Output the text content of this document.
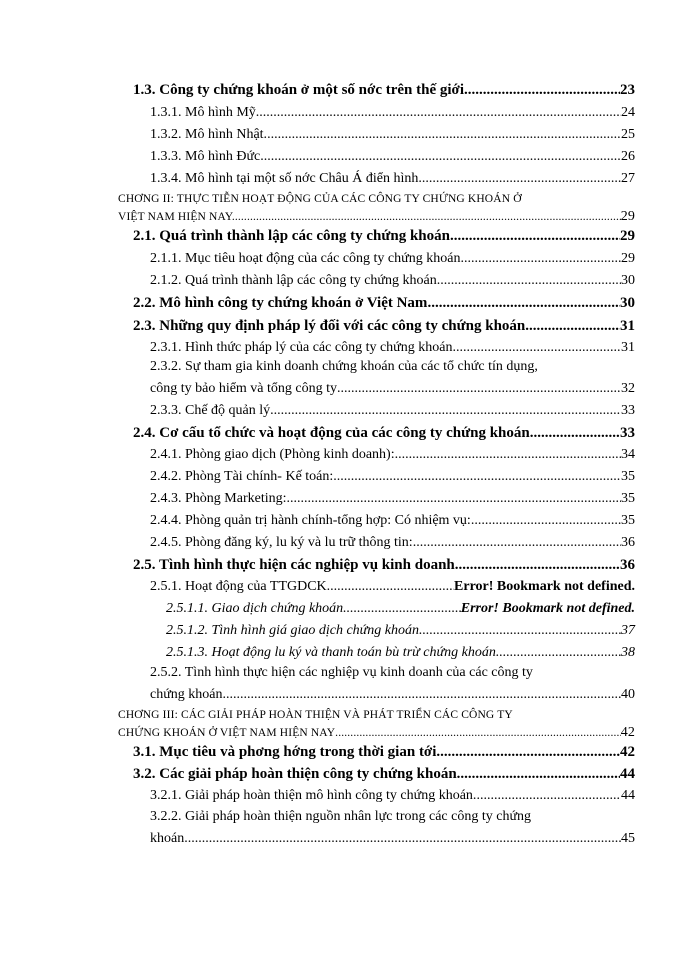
1.3. Công ty chứng khoán ở một số nớc trên thế giới. .....	23
1.3.1. Mô hình Mỹ .....	24
1.3.2. Mô hình Nhật. .....	25
1.3.3. Mô hình Đức .....	26
1.3.4. Mô hình tại một số nớc Châu Á điển hình. .....	27
CHƠNG II: THỰC TIỄN HOẠT ĐỘNG CỦA CÁC CÔNG TY CHỨNG KHOÁN Ở
VIỆT NAM HIỆN NAY. .....	29
2.1. Quá trình thành lập các công ty chứng khoán .....	29
2.1.1. Mục tiêu hoạt động của các công ty chứng khoán. .....	29
2.1.2. Quá trình thành lập các công ty chứng khoán. .....	30
2.2. Mô hình công ty chứng khoán ở Việt Nam .....	30
2.3. Những quy định pháp lý đối với các công ty chứng khoán .....	31
2.3.1. Hình thức pháp lý của các công ty chứng khoán. .....	31
2.3.2. Sự tham gia kinh doanh chứng khoán của các tổ chức tín dụng,
công ty bảo hiểm và tổng công ty .....	32
2.3.3. Chế độ quản lý .....	33
2.4. Cơ cấu tổ chức và hoạt động của các công ty chứng khoán .....	33
2.4.1. Phòng giao dịch (Phòng kinh doanh): .....	34
2.4.2. Phòng Tài chính- Kế toán: .....	35
2.4.3. Phòng Marketing: .....	35
2.4.4. Phòng quản trị hành chính-tổng hợp: Có nhiệm vụ: .....	35
2.4.5. Phòng đăng ký, lu ký và lu trữ thông tin: .....	36
2.5. Tình hình thực hiện các nghiệp vụ kinh doanh. .....	36
2.5.1. Hoạt động của TTGDCK. .....	Error! Bookmark not defined.
2.5.1.1. Giao dịch chứng khoán .....	Error! Bookmark not defined.
2.5.1.2. Tình hình giá giao dịch chứng khoán. .....	37
2.5.1.3. Hoạt động lu ký và thanh toán bù trừ chứng khoán. .....	38
2.5.2. Tình hình thực hiện các nghiệp vụ kinh doanh của các công ty
chứng khoán. .....	40
CHƠNG III: CÁC GIẢI PHÁP HOÀN THIỆN VÀ PHÁT TRIỂN CÁC CÔNG TY
CHỨNG KHOÁN Ở VIỆT NAM HIỆN NAY .....	42
3.1. Mục tiêu và phơng hớng trong thời gian tới. .....	42
3.2. Các giải pháp hoàn thiện công ty chứng khoán .....	44
3.2.1. Giải pháp hoàn thiện mô hình công ty chứng khoán. .....	44
3.2.2. Giải pháp hoàn thiện nguồn nhân lực trong các công ty chứng
khoán. .....	45
